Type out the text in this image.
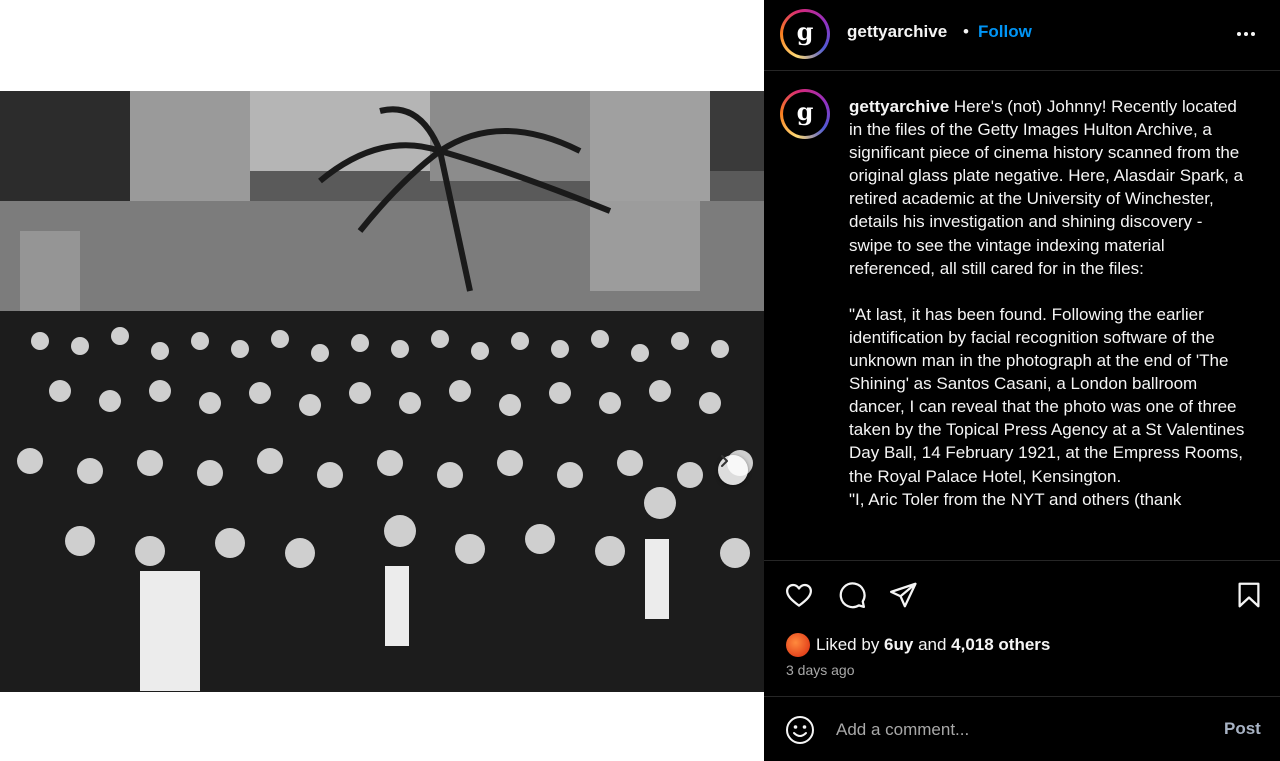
g	gettyarchive • Follow
g	gettyarchive Here's (not) Johnny! Recently located in the files of the Getty Images Hulton Archive, a significant piece of cinema history scanned from the original glass plate negative. Here, Alasdair Spark, a retired academic at the University of Winchester, details his investigation and shining discovery - swipe to see the vintage indexing material referenced, all still cared for in the files:

"At last, it has been found. Following the earlier identification by facial recognition software of the unknown man in the photograph at the end of 'The Shining' as Santos Casani, a London ballroom dancer, I can reveal that the photo was one of three taken by the Topical Press Agency at a St Valentines Day Ball, 14 February 1921, at the Empress Rooms, the Royal Palace Hotel, Kensington.
"I, Aric Toler from the NYT and others (thank
Liked by 6uy and 4,018 others
3 days ago
Add a comment...
Post
